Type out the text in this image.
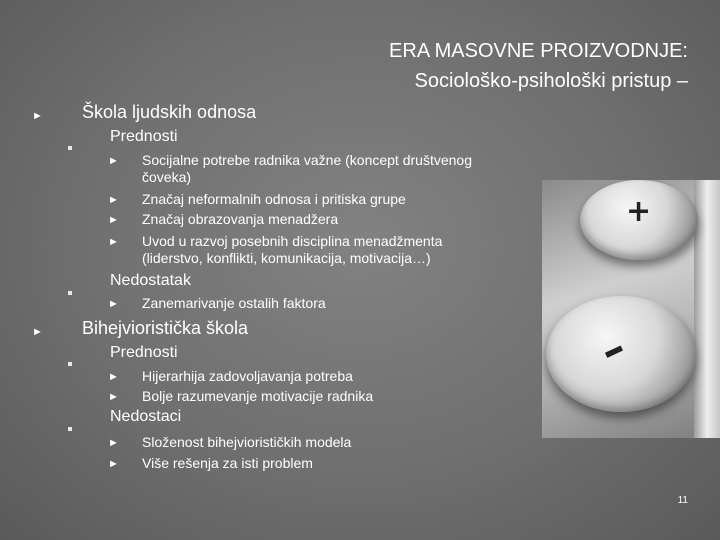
ERA MASOVNE PROIZVODNJE:
Sociološko-psihološki pristup –
+
–
► Škola ljudskih odnosa
Prednosti
► Socijalne potrebe radnika važne (koncept društvenog
čoveka)
► Značaj neformalnih odnosa i pritiska grupe
► Značaj obrazovanja menadžera
► Uvod u razvoj posebnih disciplina menadžmenta
(liderstvo, konflikti, komunikacija, motivacija…)
Nedostatak
► Zanemarivanje ostalih faktora
► Bihejviorističkа škola
Prednosti
► Hijerarhija zadovoljavanja potreba
► Bolje razumevanje motivacije radnika
Nedostaci
► Složenost bihejviorističkih modela
► Više rešenja za isti problem
11
